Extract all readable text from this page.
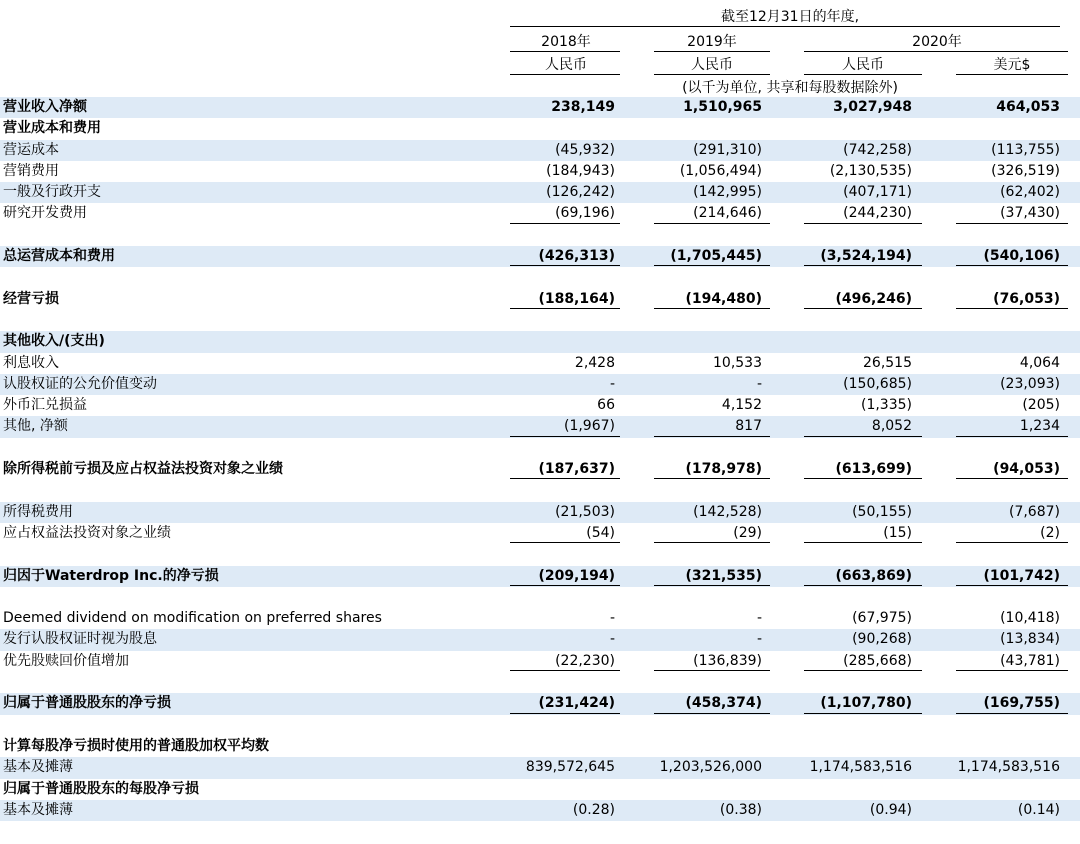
截至12月31日的年度,
2018年	2019年	2020年
人民币	人民币	人民币	美元$
(以千为单位, 共享和每股数据除外)
营业收入净额	238,149	1,510,965	3,027,948	464,053
营业成本和费用
营运成本	(45,932)	(291,310)	(742,258)	(113,755)
营销费用	(184,943)	(1,056,494)	(2,130,535)	(326,519)
一般及行政开支	(126,242)	(142,995)	(407,171)	(62,402)
研究开发费用	(69,196)	(214,646)	(244,230)	(37,430)
总运营成本和费用	(426,313)	(1,705,445)	(3,524,194)	(540,106)
经营亏损	(188,164)	(194,480)	(496,246)	(76,053)
其他收入/(支出)
利息收入	2,428	10,533	26,515	4,064
认股权证的公允价值变动	-	-	(150,685)	(23,093)
外币汇兑损益	66	4,152	(1,335)	(205)
其他, 净额	(1,967)	817	8,052	1,234
除所得税前亏损及应占权益法投资对象之业绩	(187,637)	(178,978)	(613,699)	(94,053)
所得税费用	(21,503)	(142,528)	(50,155)	(7,687)
应占权益法投资对象之业绩	(54)	(29)	(15)	(2)
归因于Waterdrop Inc.的净亏损	(209,194)	(321,535)	(663,869)	(101,742)
Deemed dividend on modification on preferred shares	-	-	(67,975)	(10,418)
发行认股权证时视为股息	-	-	(90,268)	(13,834)
优先股赎回价值增加	(22,230)	(136,839)	(285,668)	(43,781)
归属于普通股股东的净亏损	(231,424)	(458,374)	(1,107,780)	(169,755)
计算每股净亏损时使用的普通股加权平均数
基本及摊薄	839,572,645	1,203,526,000	1,174,583,516	1,174,583,516
归属于普通股股东的每股净亏损
基本及摊薄	(0.28)	(0.38)	(0.94)	(0.14)
